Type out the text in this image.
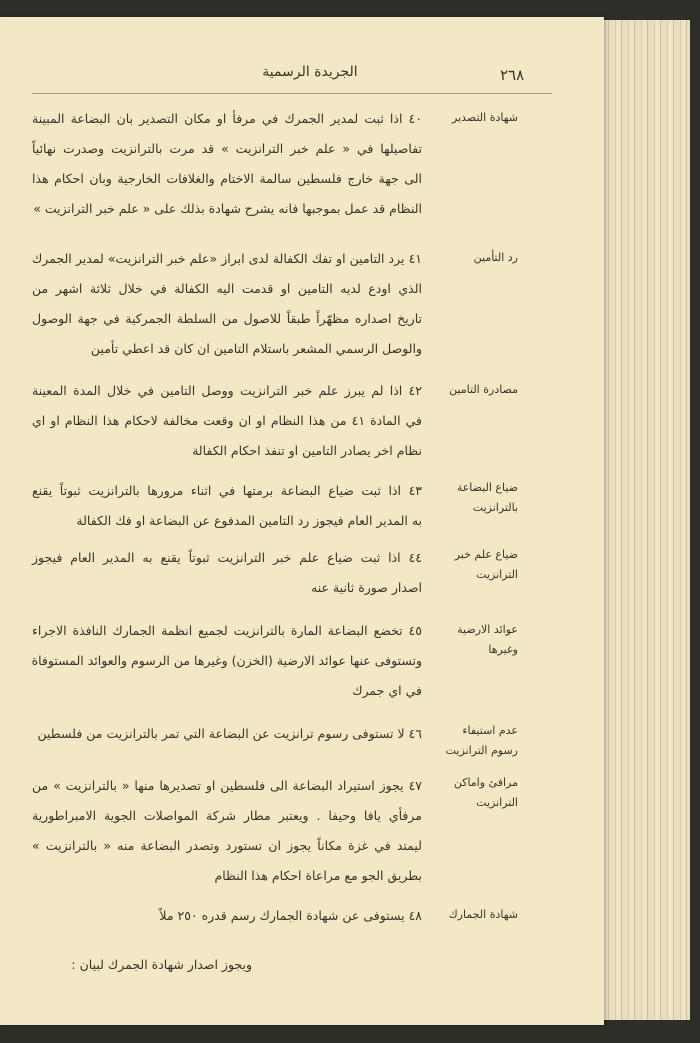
٢٦٨
الجريدة الرسمية
شهادة التصدير
٤٠ اذا ثبت لمدير الجمرك في مرفأ او مكان التصدير بان البضاعة المبينة
تفاصيلها في « علم خبر الترانزيت » قد مرت بالترانزيت وصدرت نهائياً
الى جهة خارج فلسطين سالمة الاختام والغلافات الخارجية وبان احكام هذا
النظام قد عمل بموجبها فانه يشرح شهادة بذلك على « علم خبر الترانزيت »
رد التأمين
٤١ يرد التامين او تفك الكفالة لدى ابراز «علم خبر الترانزيت» لمدير الجمرك
الذي اودع لديه التامين او قدمت اليه الكفالة في خلال ثلاثة اشهر من
تاريخ اصداره مظهّراً طبقاً للاصول من السلطة الجمركية في جهة الوصول
والوصل الرسمي المشعر باستلام التامين ان كان قد اعطي تأمين
مصادرة التامين
٤٢ اذا لم يبرز علم خبر الترانزيت ووصل التامين في خلال المدة المعينة
في المادة ٤١ من هذا النظام او ان وقعت مخالفة لاحكام هذا النظام او اي
نظام اخر يصادر التامين او تنفذ احكام الكفالة
ضياع البضاعة
بالترانزيت
٤٣ اذا ثبت ضياع البضاعة برمتها في اثناء مرورها بالترانزيت ثبوتاً يقنع
به المدير العام فيجوز رد التامين المدفوع عن البضاعة او فك الكفالة
ضياع علم خبر
الترانزيت
٤٤ اذا ثبت ضياع علم خبر الترانزيت ثبوتاً يقنع به المدير العام فيجوز
اصدار صورة ثانية عنه
عوائد الارضية
وغيرها
٤٥ تخضع البضاعة المارة بالترانزيت لجميع انظمة الجمارك النافذة الاجراء
وتستوفى عنها عوائد الارضية (الخزن) وغيرها من الرسوم والعوائد المستوفاة
في اي جمرك
عدم استيفاء
رسوم الترانزيت
٤٦ لا تستوفى رسوم ترانزيت عن البضاعة التي تمر بالترانزيت من فلسطين
مرافئ واماكن
الترانزيت
٤٧ يجوز استيراد البضاعة الى فلسطين او تصديرها منها « بالترانزيت » من
مرفأي يافا وحيفا . ويعتبر مطار شركة المواصلات الجوية الامبراطورية
ليمتد في غزة مكاناً يجوز ان تستورد وتصدر البضاعة منه « بالترانزيت »
بطريق الجو مع مراعاة احكام هذا النظام
شهادة الجمارك
٤٨ يستوفى عن شهادة الجمارك رسم قدره ٢٥٠ ملاً
ويجوز اصدار شهادة الجمرك لبيان :
